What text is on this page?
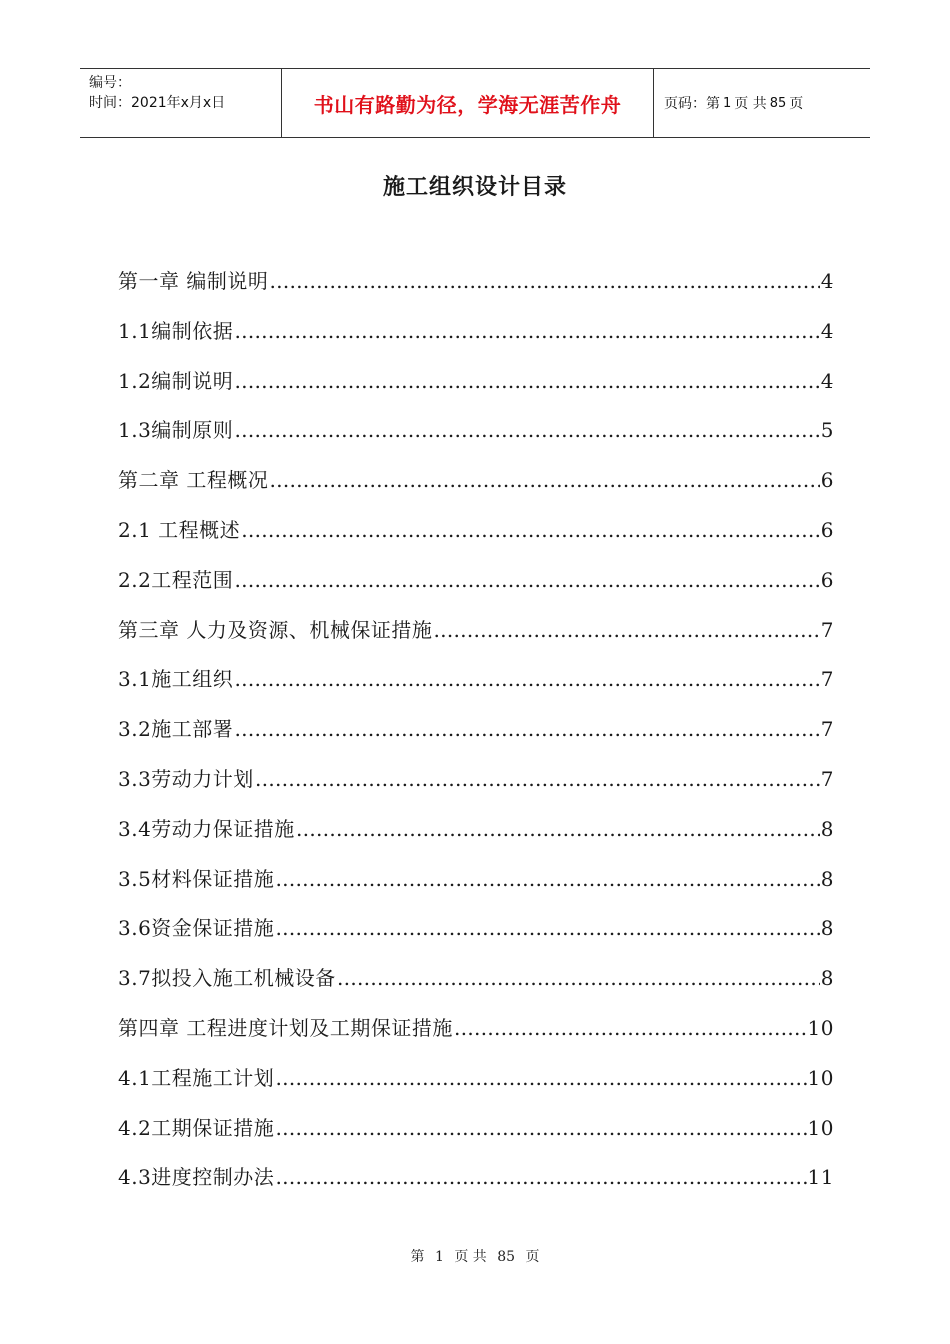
编号：
时间：2021年x月x日	书山有路勤为径，学海无涯苦作舟	页码：第 1 页 共 85 页
施工组织设计目录
第一章 编制说明 ……………………………………………………………………………………………………………………………………………………………………………………	4
1.1编制依据 ……………………………………………………………………………………………………………………………………………………………………………………	4
1.2编制说明 ……………………………………………………………………………………………………………………………………………………………………………………	4
1.3编制原则 ……………………………………………………………………………………………………………………………………………………………………………………	5
第二章 工程概况 ……………………………………………………………………………………………………………………………………………………………………………………	6
2.1 工程概述 ……………………………………………………………………………………………………………………………………………………………………………………	6
2.2工程范围 ……………………………………………………………………………………………………………………………………………………………………………………	6
第三章 人力及资源、机械保证措施 ……………………………………………………………………………………………………………………………………………………………………………………	7
3.1施工组织 ……………………………………………………………………………………………………………………………………………………………………………………	7
3.2施工部署 ……………………………………………………………………………………………………………………………………………………………………………………	7
3.3劳动力计划 ……………………………………………………………………………………………………………………………………………………………………………………	7
3.4劳动力保证措施 ……………………………………………………………………………………………………………………………………………………………………………………	8
3.5材料保证措施 ……………………………………………………………………………………………………………………………………………………………………………………	8
3.6资金保证措施 ……………………………………………………………………………………………………………………………………………………………………………………	8
3.7拟投入施工机械设备 ……………………………………………………………………………………………………………………………………………………………………………………	8
第四章 工程进度计划及工期保证措施 ……………………………………………………………………………………………………………………………………………………………………………………	10
4.1工程施工计划 ……………………………………………………………………………………………………………………………………………………………………………………	10
4.2工期保证措施 ……………………………………………………………………………………………………………………………………………………………………………………	10
4.3进度控制办法 ……………………………………………………………………………………………………………………………………………………………………………………	11
第 1 页 共 85 页
